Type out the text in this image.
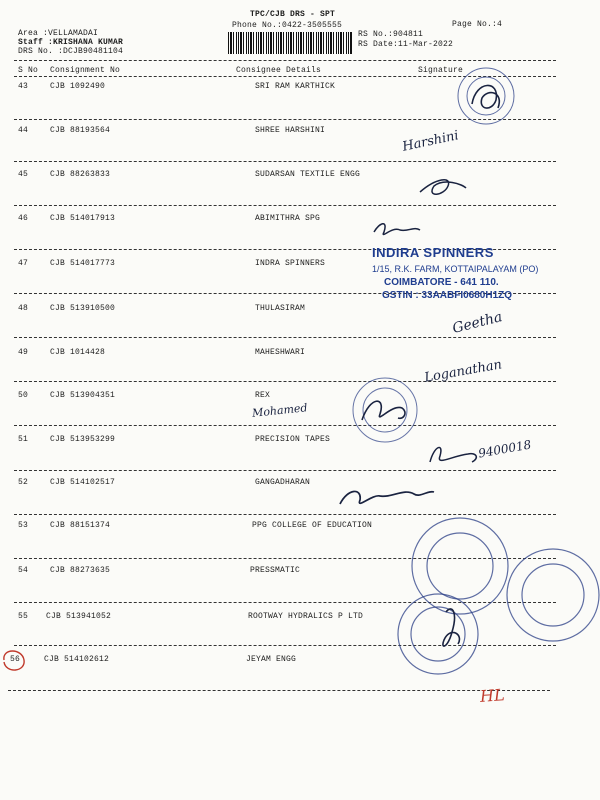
TPC/CJB DRS - SPT
Phone No.:0422-3505555	Page No.:4
Area :VELLAMADAI
Staff :KRISHANA KUMAR
DRS No. :DCJB90481104
RS No.:904811
RS Date:11-Mar-2022
S No Consignment No	Consignee Details	Signature
43	CJB 1092490	SRI RAM KARTHICK
44	CJB 88193564	SHREE HARSHINI
45	CJB 88263833	SUDARSAN TEXTILE ENGG
46	CJB 514017913	ABIMITHRA SPG
47	CJB 514017773	INDRA SPINNERS
48	CJB 513910500	THULASIRAM
49	CJB 1014428	MAHESHWARI
50	CJB 513904351	REX
51	CJB 513953299	PRECISION TAPES
52	CJB 514102517	GANGADHARAN
53	CJB 88151374	PPG COLLEGE OF EDUCATION
54	CJB 88273635	PRESSMATIC
55 CJB 513941052	ROOTWAY HYDRALICS P LTD
56	CJB 514102612	JEYAM ENGG
INDIRA SPINNERS
1/15, R.K. FARM, KOTTAIPALAYAM (PO)
COIMBATORE - 641 110.
GSTIN : 33AABFI0680H1ZQ
Harshini
Geetha
Loganathan
Mohamed
9400018
HL
